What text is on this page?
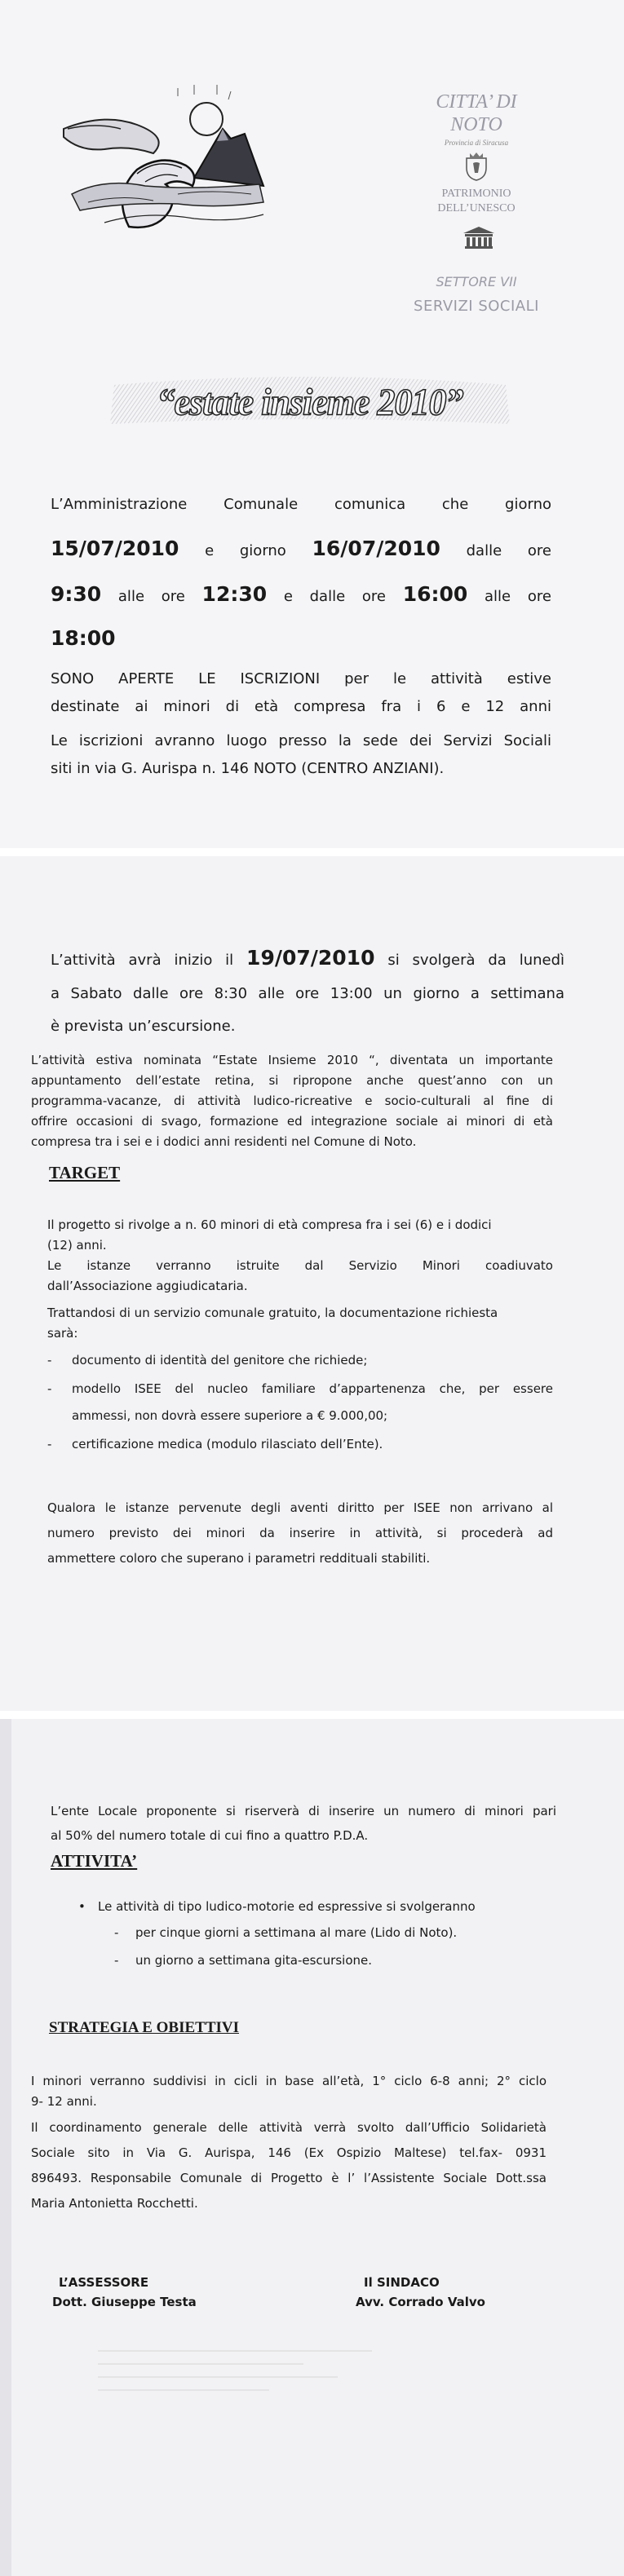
CITTA’ DI
NOTO
Provincia di Siracusa
PATRIMONIO
DELL’UNESCO
SETTORE VII
SERVIZI SOCIALI
“estate insieme 2010”
L’Amministrazione Comunale comunica che giorno
15/07/2010 e giorno 16/07/2010 dalle ore
9:30 alle ore 12:30 e dalle ore 16:00 alle ore
18:00
SONO APERTE LE ISCRIZIONI per le attività estive
destinate ai minori di età compresa fra i 6 e 12 anni
Le iscrizioni avranno luogo presso la sede dei Servizi Sociali
siti in via G. Aurispa n. 146 NOTO (CENTRO ANZIANI).
L’attività avrà inizio il 19/07/2010 si svolgerà da lunedì
a Sabato dalle ore 8:30 alle ore 13:00 un giorno a settimana
è prevista un’escursione.
L’attività estiva nominata “Estate Insieme 2010 “, diventata un importante
appuntamento dell’estate retina, si ripropone anche quest’anno con un
programma-vacanze, di attività ludico-ricreative e socio-culturali al fine di
offrire occasioni di svago, formazione ed integrazione sociale ai minori di età
compresa tra i sei e i dodici anni residenti nel Comune di Noto.
TARGET
Il progetto si rivolge a n. 60 minori di età compresa fra i sei (6) e i dodici
(12) anni.
Le istanze verranno istruite dal Servizio Minori coadiuvato
dall’Associazione aggiudicataria.
Trattandosi di un servizio comunale gratuito, la documentazione richiesta
sarà:
-	documento di identità del genitore che richiede;
-	modello ISEE del nucleo familiare d’appartenenza che, per essere
ammessi, non dovrà essere superiore a € 9.000,00;
-	certificazione medica (modulo rilasciato dell’Ente).
Qualora le istanze pervenute degli aventi diritto per ISEE non arrivano al
numero previsto dei minori da inserire in attività, si procederà ad
ammettere coloro che superano i parametri reddituali stabiliti.
L’ente Locale proponente si riserverà di inserire un numero di minori pari
al 50% del numero totale di cui fino a quattro P.D.A.
ATTIVITA’
•	Le attività di tipo ludico-motorie ed espressive si svolgeranno
-	per cinque giorni a settimana al mare (Lido di Noto).
-	un giorno a settimana gita-escursione.
STRATEGIA E OBIETTIVI
I minori verranno suddivisi in cicli in base all’età, 1° ciclo 6-8 anni; 2° ciclo
9- 12 anni.
Il coordinamento generale delle attività verrà svolto dall’Ufficio Solidarietà
Sociale sito in Via G. Aurispa, 146 (Ex Ospizio Maltese) tel.fax- 0931
896493. Responsabile Comunale di Progetto è l’ l’Assistente Sociale Dott.ssa
Maria Antonietta Rocchetti.
L’ASSESSORE
Dott. Giuseppe Testa
Il SINDACO
Avv. Corrado Valvo
